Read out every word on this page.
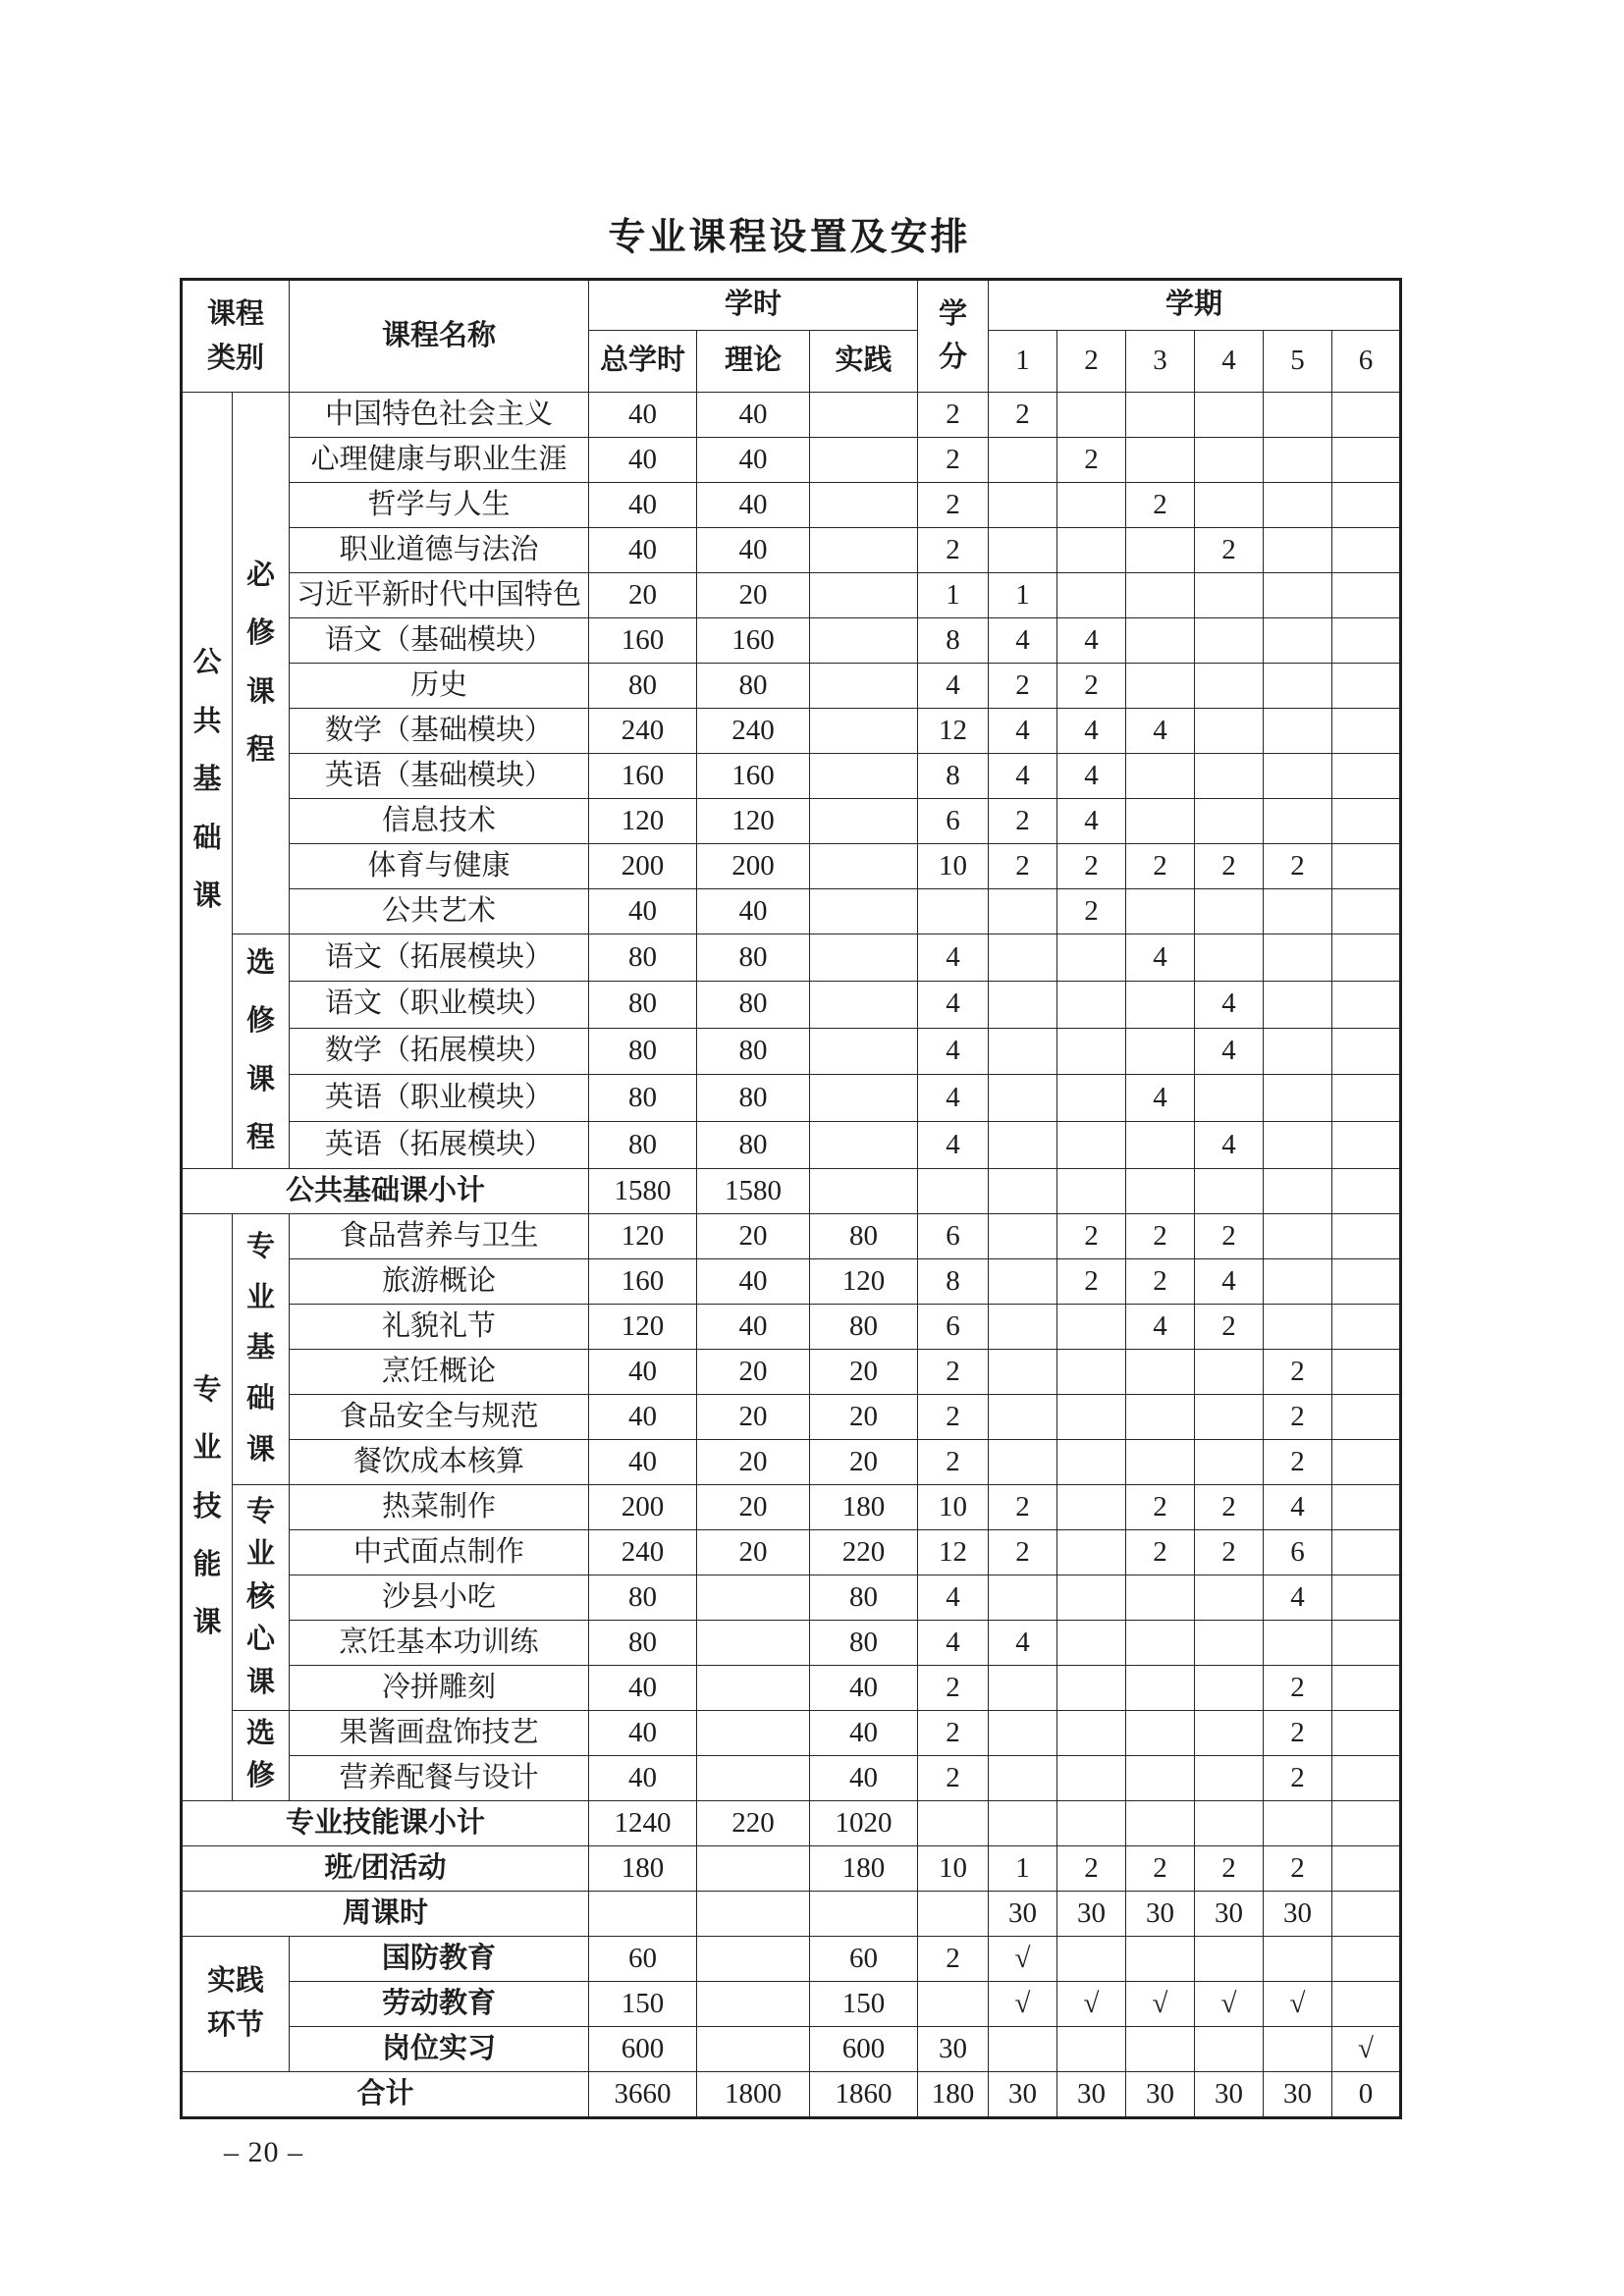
专业课程设置及安排
课程类别		课程名称	学时			学分	学期					
			总学时	理论	实践		1	2	3	4	5	6
公共基础课	必修课程	中国特色社会主义	40	40		2	2					
		心理健康与职业生涯	40	40		2		2				
		哲学与人生	40	40		2			2			
		职业道德与法治	40	40		2				2		
		习近平新时代中国特色	20	20		1	1					
		语文（基础模块）	160	160		8	4	4				
		历史	80	80		4	2	2				
		数学（基础模块）	240	240		12	4	4	4			
		英语（基础模块）	160	160		8	4	4				
		信息技术	120	120		6	2	4				
		体育与健康	200	200		10	2	2	2	2	2	
		公共艺术	40	40				2				
	选修课程	语文（拓展模块）	80	80		4			4			
		语文（职业模块）	80	80		4				4		
		数学（拓展模块）	80	80		4				4		
		英语（职业模块）	80	80		4			4			
		英语（拓展模块）	80	80		4				4		
公共基础课小计			1580	1580								
专业技能课	专业基础课	食品营养与卫生	120	20	80	6		2	2	2		
		旅游概论	160	40	120	8		2	2	4		
		礼貌礼节	120	40	80	6			4	2		
		烹饪概论	40	20	20	2					2	
		食品安全与规范	40	20	20	2					2	
		餐饮成本核算	40	20	20	2					2	
	专业核心课	热菜制作	200	20	180	10	2		2	2	4	
		中式面点制作	240	20	220	12	2		2	2	6	
		沙县小吃	80		80	4					4	
		烹饪基本功训练	80		80	4	4					
		冷拼雕刻	40		40	2					2	
	选修	果酱画盘饰技艺	40		40	2					2	
		营养配餐与设计	40		40	2					2	
专业技能课小计			1240	220	1020							
班/团活动			180		180	10	1	2	2	2	2	
周课时							30	30	30	30	30	
实践环节		国防教育	60		60	2	√					
		劳动教育	150		150		√	√	√	√	√	
		岗位实习	600		600	30						√
合计			3660	1800	1860	180	30	30	30	30	30	0
– 20 –
